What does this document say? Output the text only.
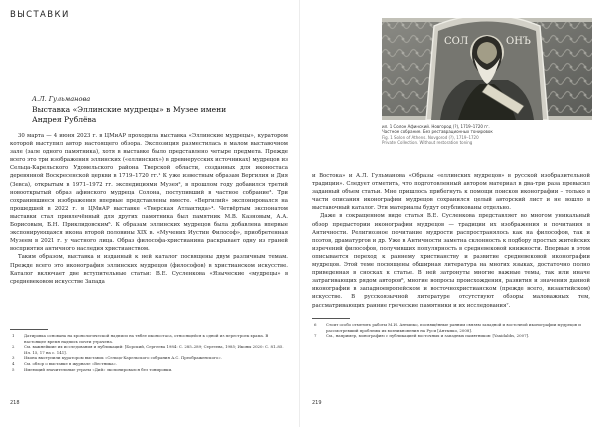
ВЫСТАВКИ
А.Л. Гульманова
Выставка «Эллинские мудрецы» в Музее имени Андрея Рублёва

30 марта — 4 июня 2023 г. в ЦМиАР проходила выставка «Эллинские мудрецы», куратором которой выступил автор настоящего обзора. Экспозиция разместилась в малом выставочном зале (зале одного памятника), хотя в выставке было представлено четыре предмета. Прежде всего это три изображения эллинских («еллинских») в древнерусских источниках) мудрецов из Сельца-Карельского Удомельского района Тверской области, созданных для иконостаса деревянной Воскресенской церкви в 1719–1720 гг.¹ К уже известным образам Вергилия и Дия (Зевса), открытым в 1971–1972 гг. экспедициями Музея², в прошлом году добавился третий новооткрытый образ афинского мудреца Солона, поступивший в частное собрание³. Три сохранившиеся изображения впервые представлены вместе. «Вергилий» экспонировался на прошедшей в 2022 г. в ЦМиАР выставке «Тверская Атлантида»⁴. Четвёртым экспонатом выставки стал привлечённый для других памятника был памятник М.В. Казновым, А.А. Борисовым, Б.Н. Приклидовским⁵. К образам эллинских мудрецов была добавлена впервые экспонирующаяся икона второй половины XIX в. «Мучених Иустин Философ», приобретенная Музеем в 2021 г. у частного лица. Образ философа-христианина раскрывает одну из граней восприятия античного наследия христианством.

Таким образом, выставка и изданный к ней каталог посвящены двум различным темам. Прежде всего это иконография эллинских мудрецов (философов) в христианском искусстве. Каталог включает две вступительные статьи: В.Е. Сусленкова «Языческие «мудрецы» в средневековом искусстве Запада

1 Датировка основана на хронологической надписи на тябле иконостаса, относящейся к одной из перестроек храма. В настоящее время надпись почти утрачена.
2 См. важнейшие их исследования и публикаций: [Борский, Сергеева 1984: С. 285–289; Сергеева, 1985; Иконы 2020: С. 81–85. Ил. 15, 17 на с. 141].
3 Икона выступили куратором выставок «Сельцо-Карельского собрания А.С. Преображенского».
4 См. обзор о выставке в журнале «Вестника».
5 Имеющий значительные утраты «Дий» экспонировался без тонировки.
218
СОЛ	ОНЪ
ил. 1 Солон Афинский. Новгород (?), 1719–1720 гг.
Частное собрание. Без реставрационных тонировок
Fig. 1 Solon of Athens. Novgorod (?), 1719–1720
Private Collection. Without restoration toning

и Востока» и А.Л. Гульманова «Образы «еллинских мудрецов» в русской изобразительной традиции». Следует отметить, что подготовленный автором материал в два-три раза превысил заданный объем статьи. Мне пришлось прибегнуть к помощи поисков иконографии – только в части описания иконографии мудрецов сохранился целый авторский лист и не вошло в выставочный каталог. Эти материалы будут опубликованы отдельно.

Даже в сокращенном виде статья В.Е. Сусленкова представляет во многом уникальный обзор предыстории иконографии мудрецов — традиции их изображения и почитания в Античности. Религиозное почитание мудрости распространялось как на философов, так и поэтов, драматургов и др. Уже в Античности заметна склонность к подбору простых житейских изречений философов, получивших популярность в средневековой книжности. Впервые в этом описывается переход к раннему христианству и развитие средневековой иконографии мудрецов. Этой теме посвящены обширная литература на многих языках, достаточно полно приведенная в сносках к статье. В ней затронуты многие важные темы, так или иначе затрагивающих рядом авторов⁶, многие вопросы происхождения, развития и значения данной иконографии в западноевропейском и восточнохристианском (прежде всего, византийском) искусстве. В русскоязычной литературе отсутствуют обзоры маловажных тем, рассматривающих ранние греческие памятники и их исследования⁷.

6 Стоит особо отметить работы М.И. Антыпко, посвящённые ранним связям западной и восточной иконографии мудрецов и рассмотревший проблемы их возникновения на Руси [Антыпко, 2008].
7 См., например, монографию с публикацией восточных и западных памятников: [Yanidabbs, 2007].
219
